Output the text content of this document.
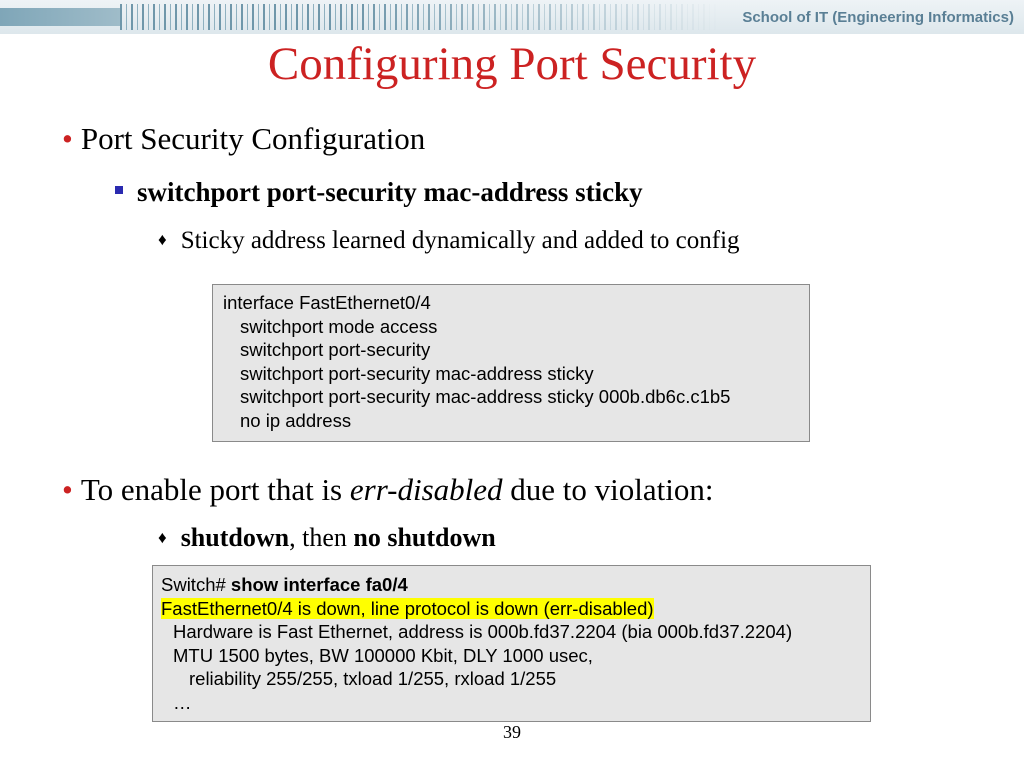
School of IT (Engineering Informatics)
Configuring Port Security
• Port Security Configuration
switchport port-security mac-address sticky
♦ Sticky address learned dynamically and added to config
interface FastEthernet0/4
switchport mode access
switchport port-security
switchport port-security mac-address sticky
switchport port-security mac-address sticky 000b.db6c.c1b5
no ip address
• To enable port that is err-disabled due to violation:
♦ shutdown, then no shutdown
Switch# show interface fa0/4
FastEthernet0/4 is down, line protocol is down (err-disabled)
Hardware is Fast Ethernet, address is 000b.fd37.2204 (bia 000b.fd37.2204)
MTU 1500 bytes, BW 100000 Kbit, DLY 1000 usec,
reliability 255/255, txload 1/255, rxload 1/255
…
39
